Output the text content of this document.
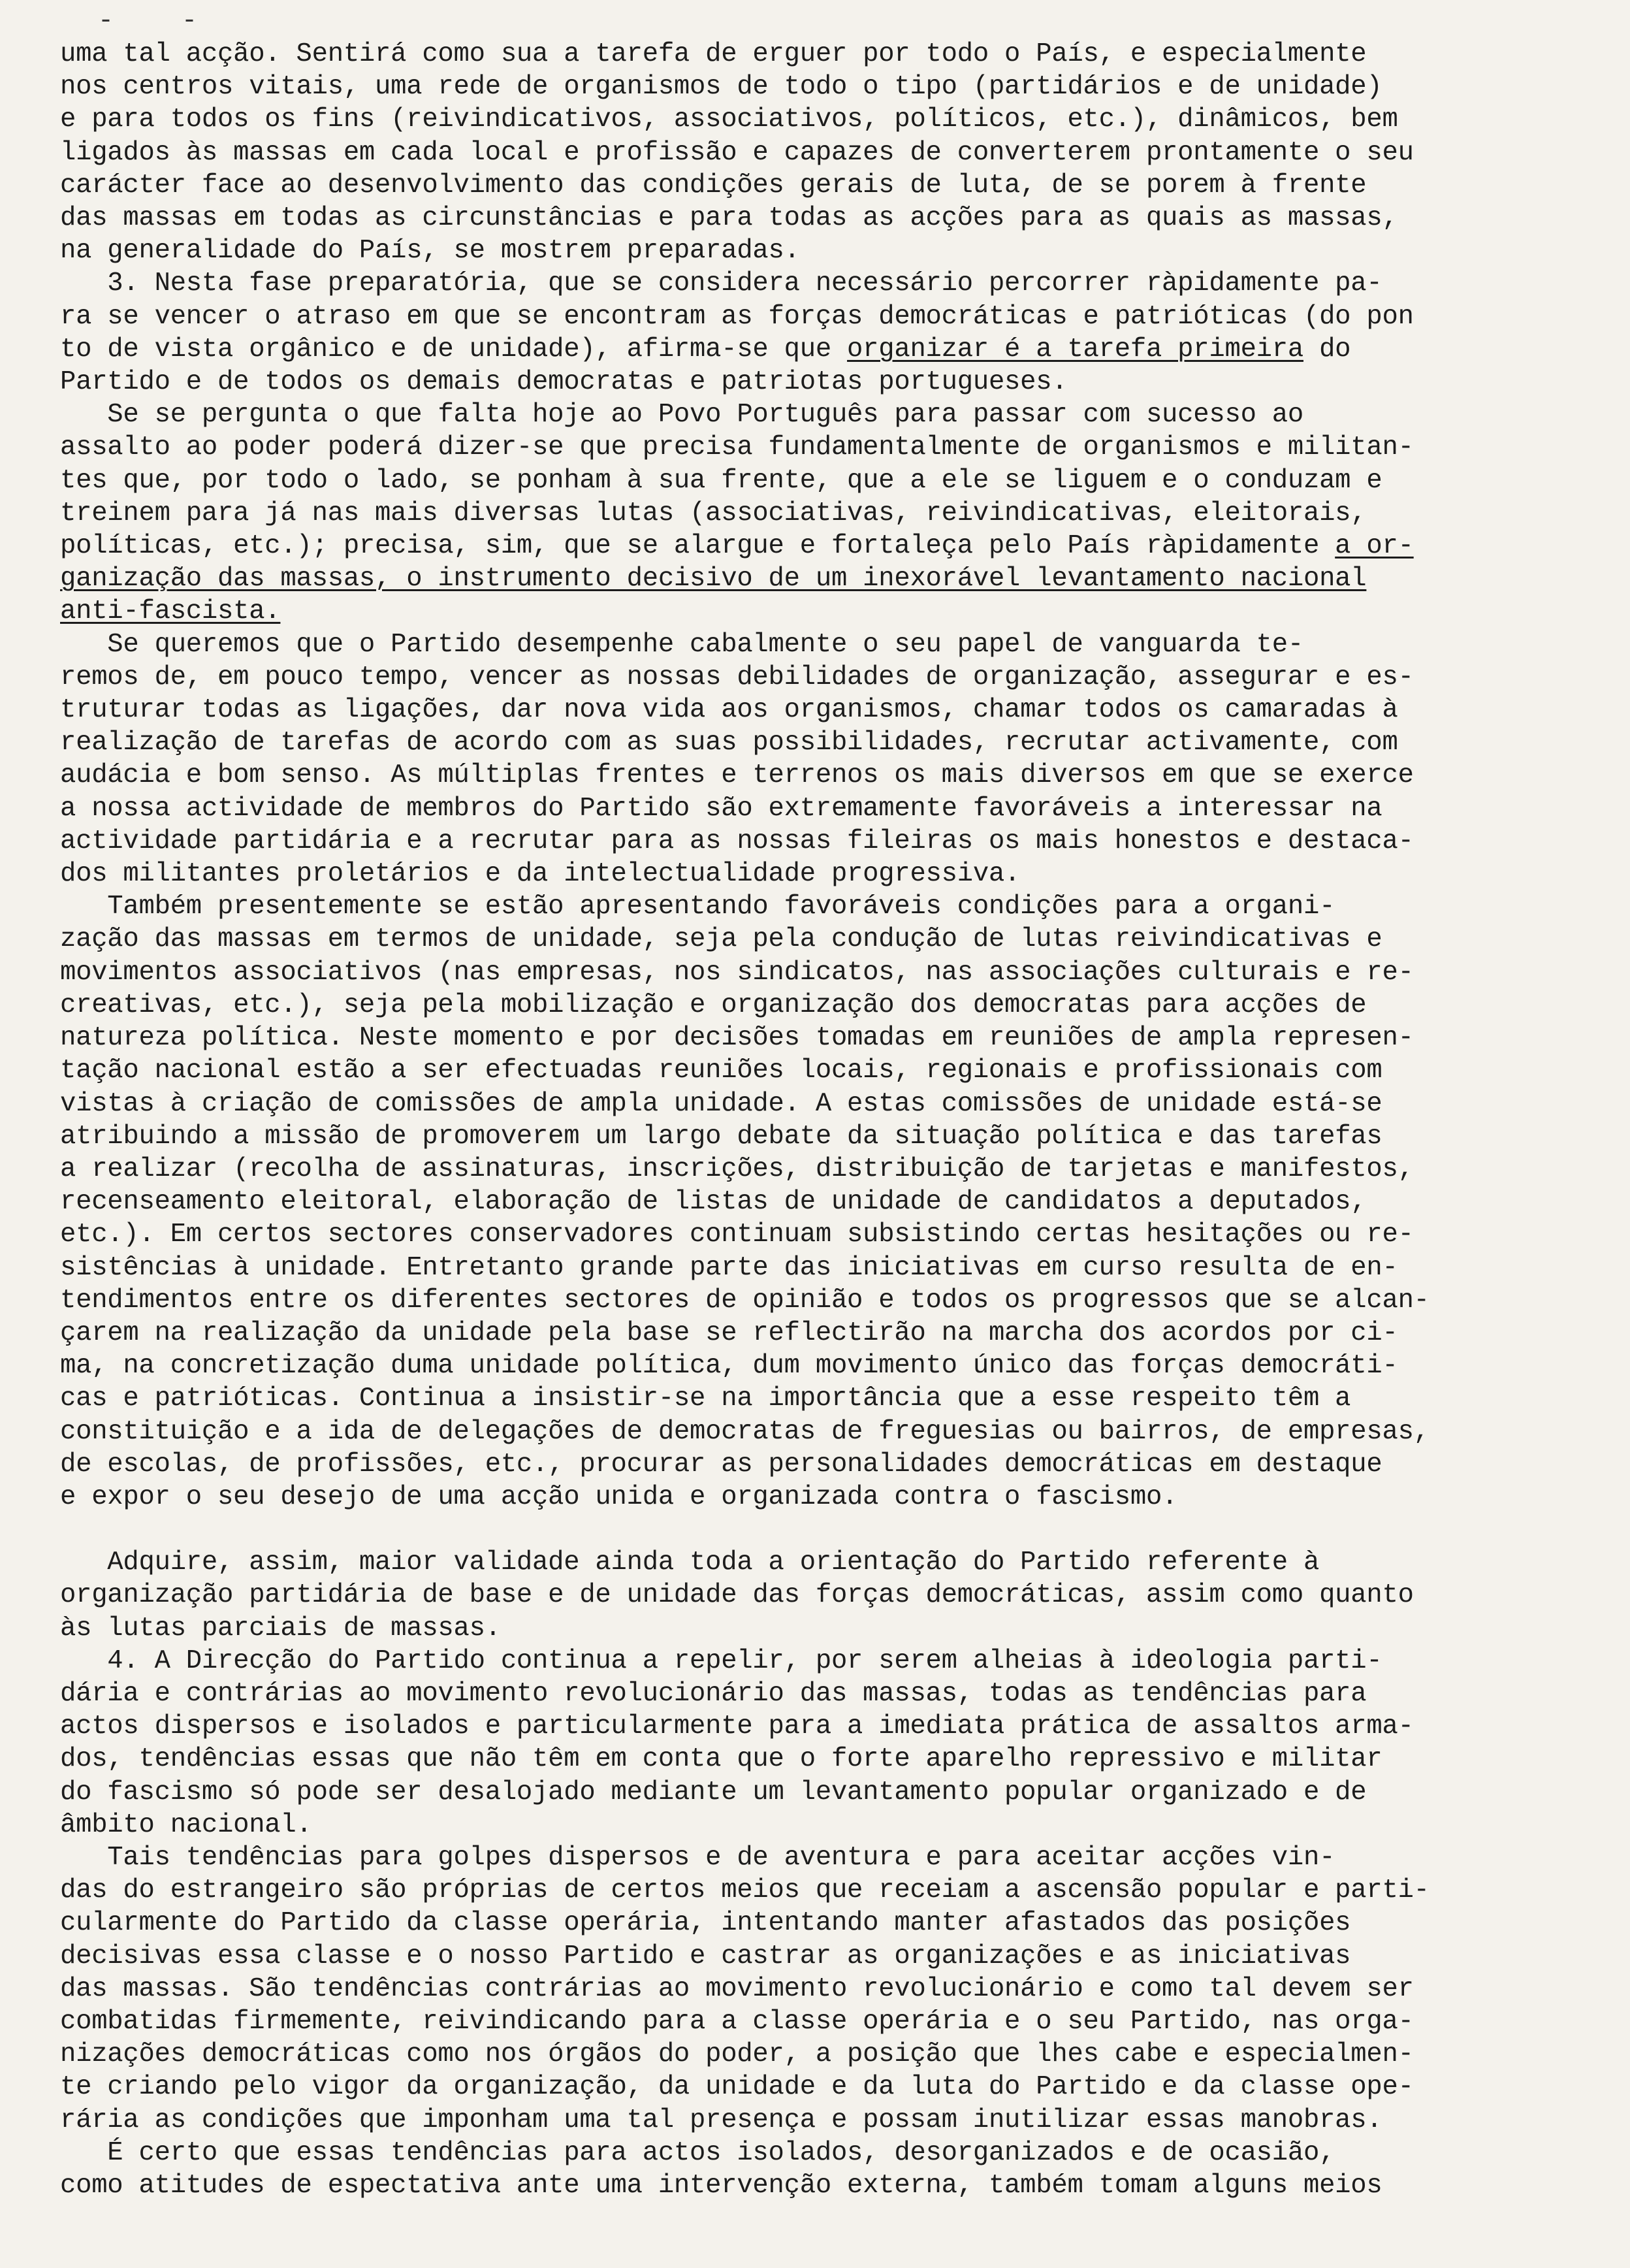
- -
uma tal acção. Sentirá como sua a tarefa de erguer por todo o País, e especialmente
nos centros vitais, uma rede de organismos de todo o tipo (partidários e de unidade)
e para todos os fins (reivindicativos, associativos, políticos, etc.), dinâmicos, bem
ligados às massas em cada local e profissão e capazes de converterem prontamente o seu
carácter face ao desenvolvimento das condições gerais de luta, de se porem à frente
das massas em todas as circunstâncias e para todas as acções para as quais as massas,
na generalidade do País, se mostrem preparadas.
3. Nesta fase preparatória, que se considera necessário percorrer ràpidamente pa-
ra se vencer o atraso em que se encontram as forças democráticas e patrióticas (do pon
to de vista orgânico e de unidade), afirma-se que organizar é a tarefa primeira do
Partido e de todos os demais democratas e patriotas portugueses.
Se se pergunta o que falta hoje ao Povo Português para passar com sucesso ao
assalto ao poder poderá dizer-se que precisa fundamentalmente de organismos e militan-
tes que, por todo o lado, se ponham à sua frente, que a ele se liguem e o conduzam e
treinem para já nas mais diversas lutas (associativas, reivindicativas, eleitorais,
políticas, etc.); precisa, sim, que se alargue e fortaleça pelo País ràpidamente a or-
ganização das massas, o instrumento decisivo de um inexorável levantamento nacional
anti-fascista.
Se queremos que o Partido desempenhe cabalmente o seu papel de vanguarda te-
remos de, em pouco tempo, vencer as nossas debilidades de organização, assegurar e es-
truturar todas as ligações, dar nova vida aos organismos, chamar todos os camaradas à
realização de tarefas de acordo com as suas possibilidades, recrutar activamente, com
audácia e bom senso. As múltiplas frentes e terrenos os mais diversos em que se exerce
a nossa actividade de membros do Partido são extremamente favoráveis a interessar na
actividade partidária e a recrutar para as nossas fileiras os mais honestos e destaca-
dos militantes proletários e da intelectualidade progressiva.
Também presentemente se estão apresentando favoráveis condições para a organi-
zação das massas em termos de unidade, seja pela condução de lutas reivindicativas e
movimentos associativos (nas empresas, nos sindicatos, nas associações culturais e re-
creativas, etc.), seja pela mobilização e organização dos democratas para acções de
natureza política. Neste momento e por decisões tomadas em reuniões de ampla represen-
tação nacional estão a ser efectuadas reuniões locais, regionais e profissionais com
vistas à criação de comissões de ampla unidade. A estas comissões de unidade está-se
atribuindo a missão de promoverem um largo debate da situação política e das tarefas
a realizar (recolha de assinaturas, inscrições, distribuição de tarjetas e manifestos,
recenseamento eleitoral, elaboração de listas de unidade de candidatos a deputados,
etc.). Em certos sectores conservadores continuam subsistindo certas hesitações ou re-
sistências à unidade. Entretanto grande parte das iniciativas em curso resulta de en-
tendimentos entre os diferentes sectores de opinião e todos os progressos que se alcan-
çarem na realização da unidade pela base se reflectirão na marcha dos acordos por ci-
ma, na concretização duma unidade política, dum movimento único das forças democráti-
cas e patrióticas. Continua a insistir-se na importância que a esse respeito têm a
constituição e a ida de delegações de democratas de freguesias ou bairros, de empresas,
de escolas, de profissões, etc., procurar as personalidades democráticas em destaque
e expor o seu desejo de uma acção unida e organizada contra o fascismo.
Adquire, assim, maior validade ainda toda a orientação do Partido referente à
organização partidária de base e de unidade das forças democráticas, assim como quanto
às lutas parciais de massas.
4. A Direcção do Partido continua a repelir, por serem alheias à ideologia parti-
dária e contrárias ao movimento revolucionário das massas, todas as tendências para
actos dispersos e isolados e particularmente para a imediata prática de assaltos arma-
dos, tendências essas que não têm em conta que o forte aparelho repressivo e militar
do fascismo só pode ser desalojado mediante um levantamento popular organizado e de
âmbito nacional.
Tais tendências para golpes dispersos e de aventura e para aceitar acções vin-
das do estrangeiro são próprias de certos meios que receiam a ascensão popular e parti-
cularmente do Partido da classe operária, intentando manter afastados das posições
decisivas essa classe e o nosso Partido e castrar as organizações e as iniciativas
das massas. São tendências contrárias ao movimento revolucionário e como tal devem ser
combatidas firmemente, reivindicando para a classe operária e o seu Partido, nas orga-
nizações democráticas como nos órgãos do poder, a posição que lhes cabe e especialmen-
te criando pelo vigor da organização, da unidade e da luta do Partido e da classe ope-
rária as condições que imponham uma tal presença e possam inutilizar essas manobras.
É certo que essas tendências para actos isolados, desorganizados e de ocasião,
como atitudes de espectativa ante uma intervenção externa, também tomam alguns meios
